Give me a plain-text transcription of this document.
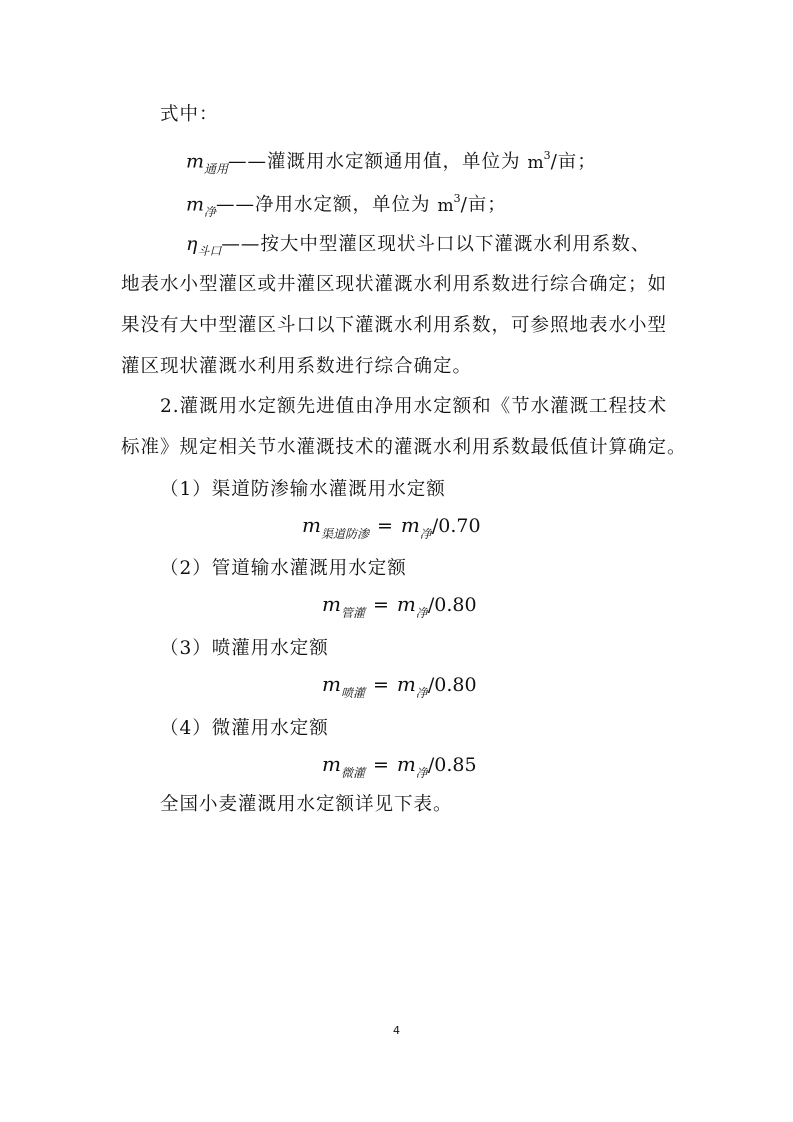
式中：
$m_{通用}——$灌溉用水定额通用值，单位为 $m^3/$亩；
$m_净——$净用水定额，单位为 $m^3/$亩；
$\eta_{斗口}——$按大中型灌区现状斗口以下灌溉水利用系数、
地表水小型灌区或井灌区现状灌溉水利用系数进行综合确定；如
果没有大中型灌区斗口以下灌溉水利用系数，可参照地表水小型
灌区现状灌溉水利用系数进行综合确定。
2.灌溉用水定额先进值由净用水定额和《节水灌溉工程技术
标准》规定相关节水灌溉技术的灌溉水利用系数最低值计算确定。
（1）渠道防渗输水灌溉用水定额
$m_{渠道防渗} = m_净/0.70$
（2）管道输水灌溉用水定额
$m_{管灌} = m_净/0.80$
（3）喷灌用水定额
$m_{喷灌} = m_净/0.80$
（4）微灌用水定额
$m_{微灌} = m_净/0.85$
全国小麦灌溉用水定额详见下表。
4
